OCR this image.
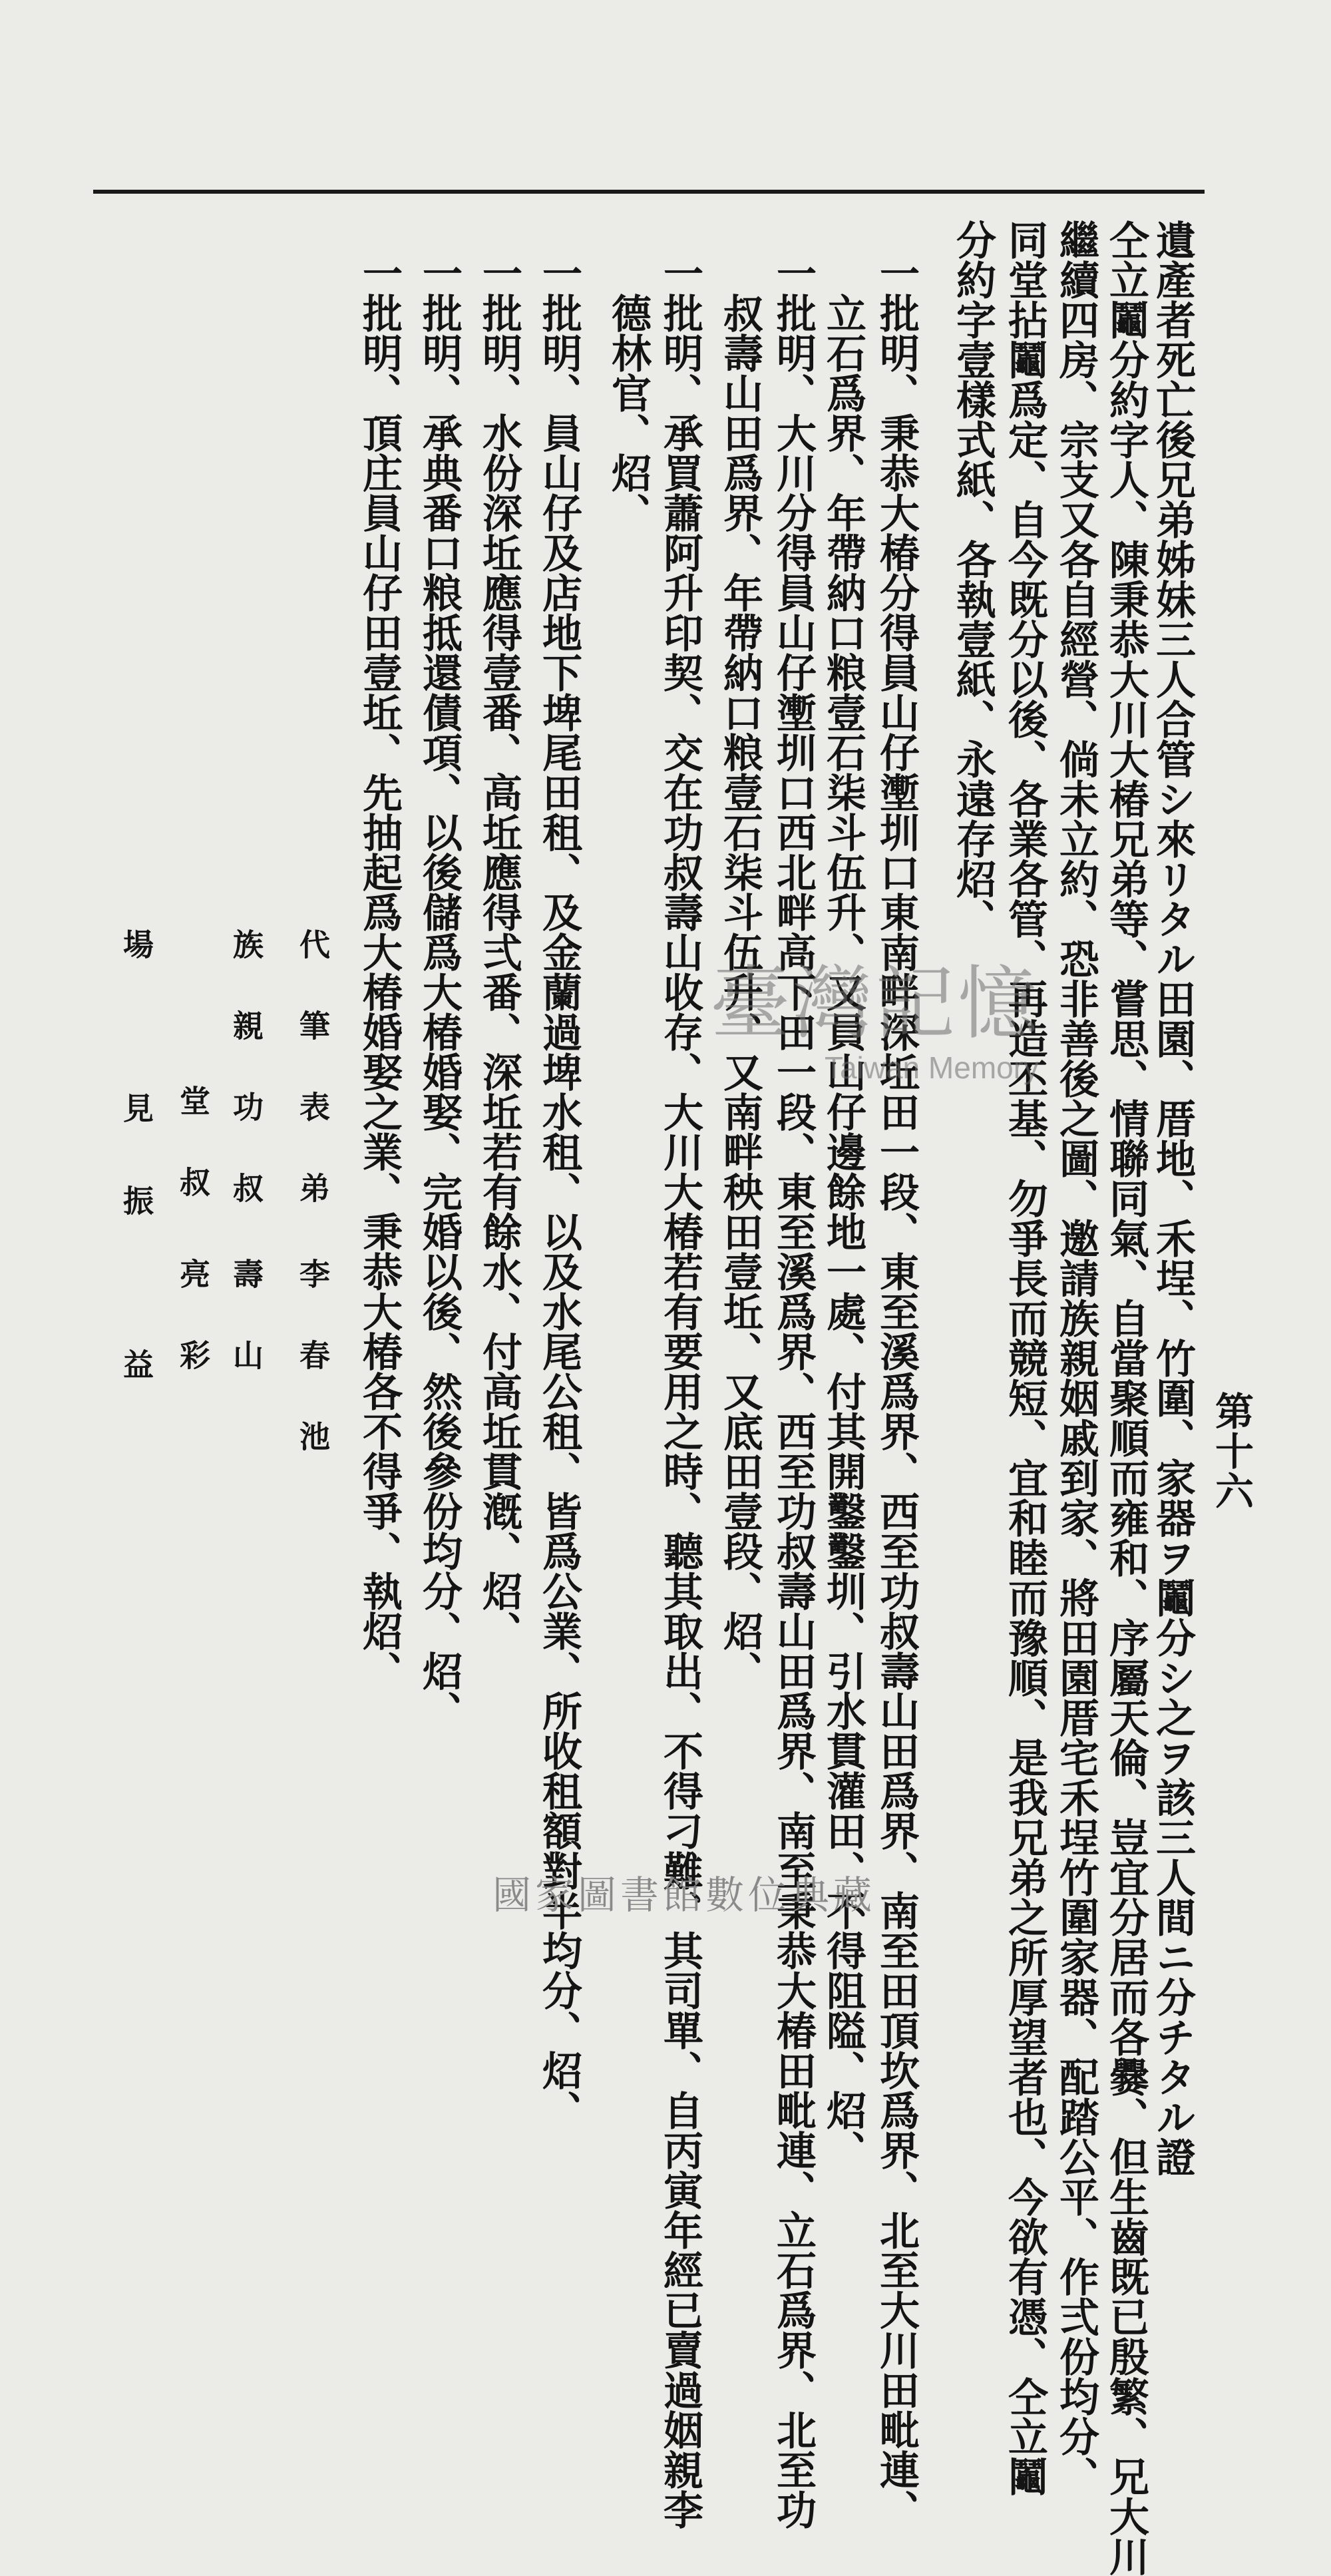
第十六
遺產者死亡後兄弟姊妹三人合管シ來リタル田園、厝地、禾埕、竹圍、家器ヲ鬮分シ之ヲ該三人間ニ分チタル證
仝立鬮分約字人、陳秉恭大川大椿兄弟等、嘗思、情聯同氣、自當聚順而雍和、序屬天倫、豈宜分居而各爨、但生齒既已殷繁、兄大川
繼續四房、宗支又各自經營、倘未立約、恐非善後之圖、邀請族親姻戚到家、將田園厝宅禾埕竹圍家器、配踏公平、作弍份均分、
同堂拈鬮爲定、自今既分以後、各業各管、再造丕基、勿爭長而競短、宜和睦而豫順、是我兄弟之所厚望者也、今欲有憑、仝立鬮
分約字壹樣式紙、各執壹紙、永遠存炤、
一批明、秉恭大椿分得員山仔壍圳口東南畔深坵田一段、東至溪爲界、西至功叔壽山田爲界、南至田頂坎爲界、北至大川田毗連、
立石爲界、年帶納口粮壹石柒斗伍升、又員山仔邊餘地一處、付其開鑿鑿圳、引水貫灌田、不得阻隘、炤、
一批明、大川分得員山仔壍圳口西北畔高下田一段、東至溪爲界、西至功叔壽山田爲界、南至秉恭大椿田毗連、立石爲界、北至功
叔壽山田爲界、年帶納口粮壹石柒斗伍升、又南畔秧田壹坵、又底田壹段、炤、
一批明、承買蕭阿升印契、交在功叔壽山收存、大川大椿若有要用之時、聽其取出、不得刁難、其司單、自丙寅年經已賣過姻親李
德林官、炤、
一批明、員山仔及店地下埤尾田租、及金蘭過埤水租、以及水尾公租、皆爲公業、所收租額對半均分、炤、
一批明、水份深坵應得壹番、高坵應得弍番、深坵若有餘水、付高坵貫漑、炤、
一批明、承典番口粮抵還債項、以後儲爲大椿婚娶、完婚以後、然後參份均分、炤、
一批明、頂庄員山仔田壹坵、先抽起爲大椿婚娶之業、秉恭大椿各不得爭、執炤、
代筆表弟
李春池
族親功叔
壽山
堂叔
亮彩
場見
振益
臺灣記憶
Taiwan Memory
國家圖書館數位典藏
